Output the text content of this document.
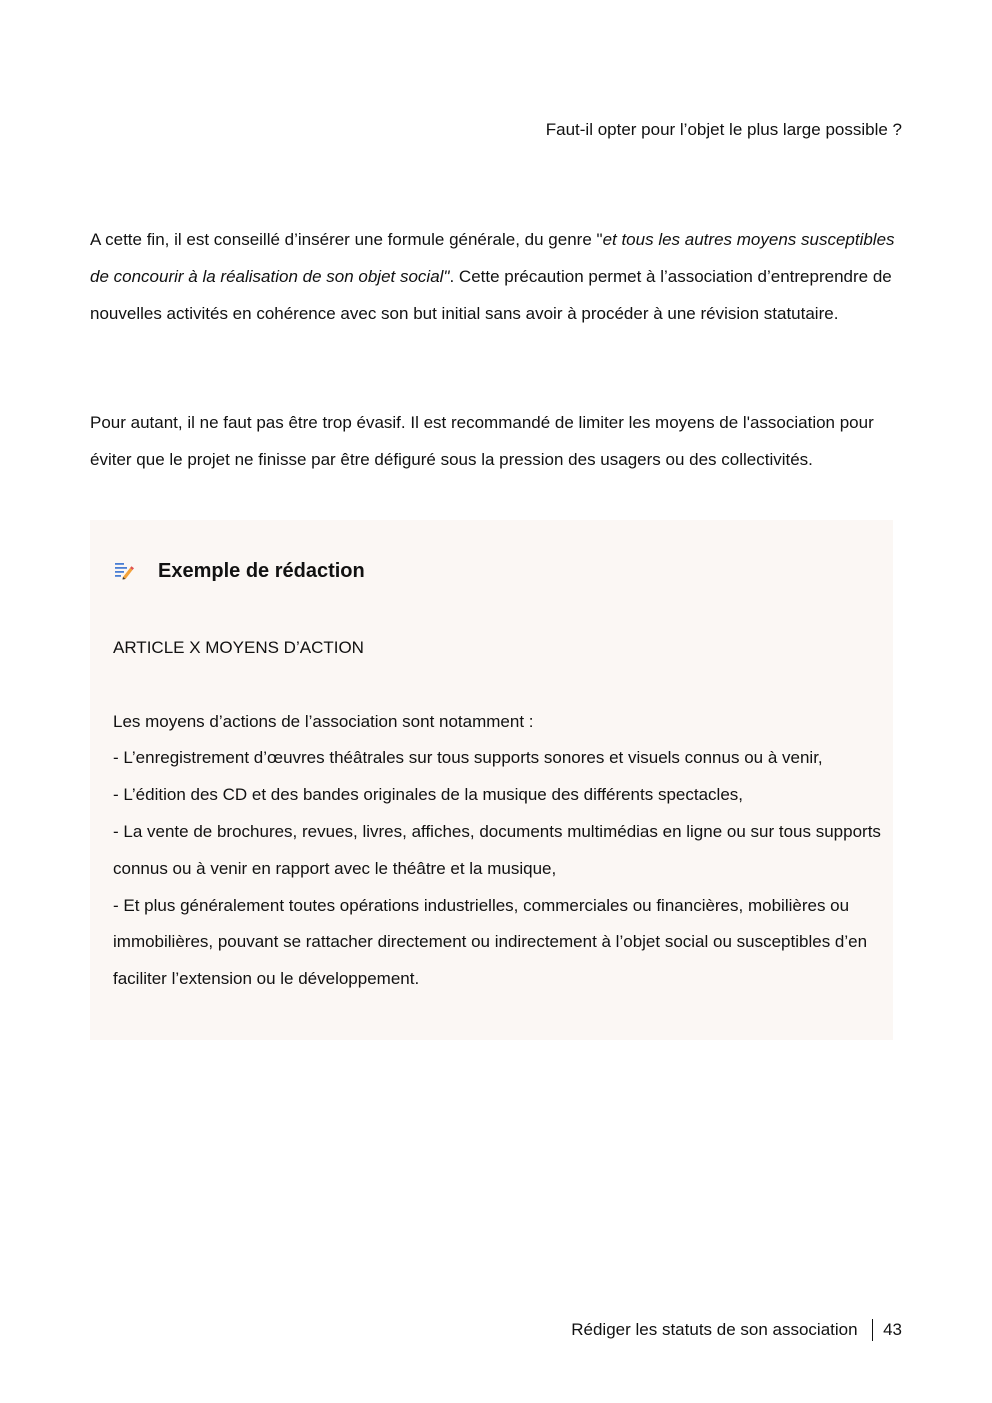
Faut-il opter pour l’objet le plus large possible ?

A cette fin, il est conseillé d’insérer une formule générale, du genre "et tous les autres moyens susceptibles de concourir à la réalisation de son objet social". Cette précaution permet à l’association d’entreprendre de nouvelles activités en cohérence avec son but initial sans avoir à procéder à une révision statutaire.

Pour autant, il ne faut pas être trop évasif. Il est recommandé de limiter les moyens de l'association pour éviter que le projet ne finisse par être défiguré sous la pression des usagers ou des collectivités.

Exemple de rédaction
ARTICLE X MOYENS D’ACTION
Les moyens d’actions de l’association sont notamment :
- L’enregistrement d’œuvres théâtrales sur tous supports sonores et visuels connus ou à venir,
- L’édition des CD et des bandes originales de la musique des différents spectacles,
- La vente de brochures, revues, livres, affiches, documents multimédias en ligne ou sur tous supports connus ou à venir en rapport avec le théâtre et la musique,
- Et plus généralement toutes opérations industrielles, commerciales ou financières, mobilières ou immobilières, pouvant se rattacher directement ou indirectement à l’objet social ou susceptibles d’en faciliter l’extension ou le développement.
Rédiger les statuts de son association 43
